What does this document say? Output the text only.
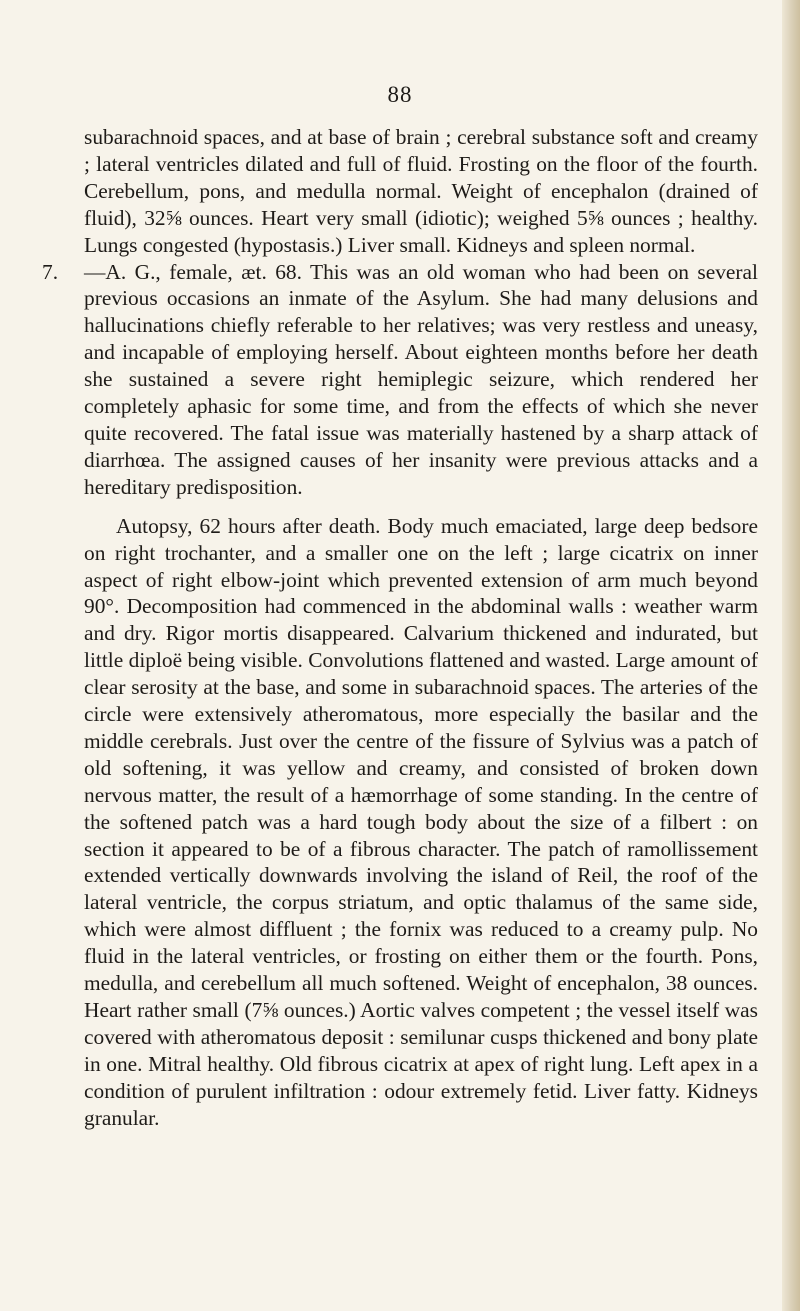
88

subarachnoid spaces, and at base of brain ; cerebral substance soft and creamy ; lateral ventricles dilated and full of fluid. Frosting on the floor of the fourth. Cerebellum, pons, and medulla normal. Weight of encephalon (drained of fluid), 32⅝ ounces. Heart very small (idiotic); weighed 5⅝ ounces ; healthy. Lungs congested (hypostasis.) Liver small. Kidneys and spleen normal.

7. —A. G., female, æt. 68. This was an old woman who had been on several previous occasions an inmate of the Asylum. She had many delusions and hallucinations chiefly referable to her relatives; was very restless and uneasy, and incapable of employing herself. About eighteen months before her death she sustained a severe right hemiplegic seizure, which rendered her completely aphasic for some time, and from the effects of which she never quite recovered. The fatal issue was materially hastened by a sharp attack of diarrhœa. The assigned causes of her insanity were previous attacks and a hereditary predisposition.

Autopsy, 62 hours after death. Body much emaciated, large deep bedsore on right trochanter, and a smaller one on the left ; large cicatrix on inner aspect of right elbow-joint which prevented extension of arm much beyond 90°. Decomposition had commenced in the abdominal walls : weather warm and dry. Rigor mortis disappeared. Calvarium thickened and indurated, but little diploë being visible. Convolutions flattened and wasted. Large amount of clear serosity at the base, and some in subarachnoid spaces. The arteries of the circle were extensively atheromatous, more especially the basilar and the middle cerebrals. Just over the centre of the fissure of Sylvius was a patch of old softening, it was yellow and creamy, and consisted of broken down nervous matter, the result of a hæmorrhage of some standing. In the centre of the softened patch was a hard tough body about the size of a filbert : on section it appeared to be of a fibrous character. The patch of ramollissement extended vertically downwards involving the island of Reil, the roof of the lateral ventricle, the corpus striatum, and optic thalamus of the same side, which were almost diffluent ; the fornix was reduced to a creamy pulp. No fluid in the lateral ventricles, or frosting on either them or the fourth. Pons, medulla, and cerebellum all much softened. Weight of encephalon, 38 ounces. Heart rather small (7⅝ ounces.) Aortic valves competent ; the vessel itself was covered with atheromatous deposit : semilunar cusps thickened and bony plate in one. Mitral healthy. Old fibrous cicatrix at apex of right lung. Left apex in a condition of purulent infiltration : odour extremely fetid. Liver fatty. Kidneys granular.
